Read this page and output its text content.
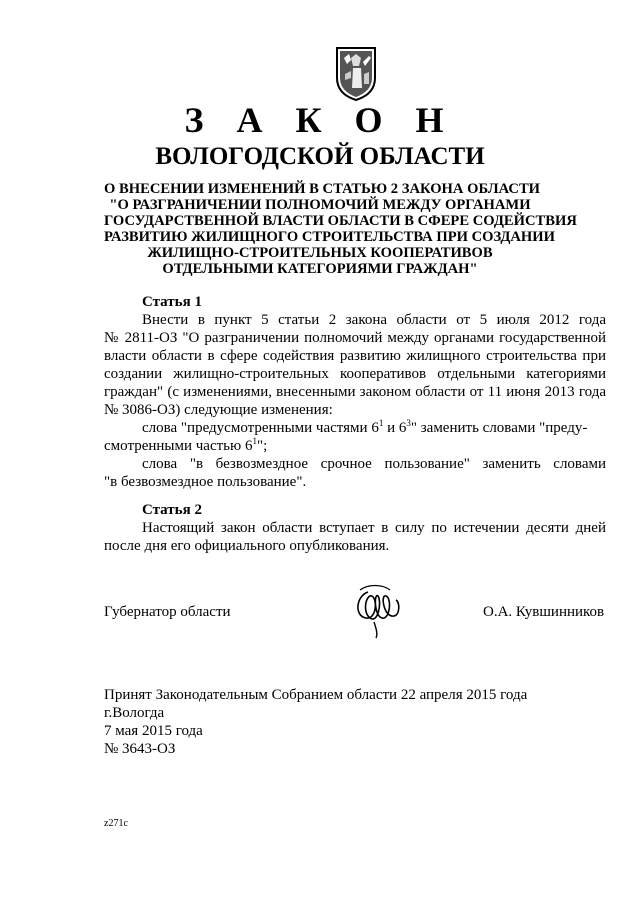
З А К О Н
ВОЛОГОДСКОЙ ОБЛАСТИ
О ВНЕСЕНИИ ИЗМЕНЕНИЙ В СТАТЬЮ 2 ЗАКОНА ОБЛАСТИ
"О РАЗГРАНИЧЕНИИ ПОЛНОМОЧИЙ МЕЖДУ ОРГАНАМИ
ГОСУДАРСТВЕННОЙ ВЛАСТИ ОБЛАСТИ В СФЕРЕ СОДЕЙСТВИЯ
РАЗВИТИЮ ЖИЛИЩНОГО СТРОИТЕЛЬСТВА ПРИ СОЗДАНИИ
ЖИЛИЩНО-СТРОИТЕЛЬНЫХ КООПЕРАТИВОВ
ОТДЕЛЬНЫМИ КАТЕГОРИЯМИ ГРАЖДАН"
Статья 1
Внести в пункт 5 статьи 2 закона области от 5 июля 2012 года
№ 2811-ОЗ "О разграничении полномочий между органами государственной
власти области в сфере содействия развитию жилищного строительства при
создании жилищно-строительных кооперативов отдельными категориями
граждан" (с изменениями, внесенными законом области от 11 июня 2013 года
№ 3086-ОЗ) следующие изменения:
слова "предусмотренными частями $6^1$ и $6^3$" заменить словами "преду-
смотренными частью $6^1$";
слова "в безвозмездное срочное пользование" заменить словами
"в безвозмездное пользование".
Статья 2
Настоящий закон области вступает в силу по истечении десяти дней
после дня его официального опубликования.
Губернатор области	О.А. Кувшинников
Принят Законодательным Собранием области 22 апреля 2015 года
г.Вологда
7 мая 2015 года
№ 3643-ОЗ
z271c
